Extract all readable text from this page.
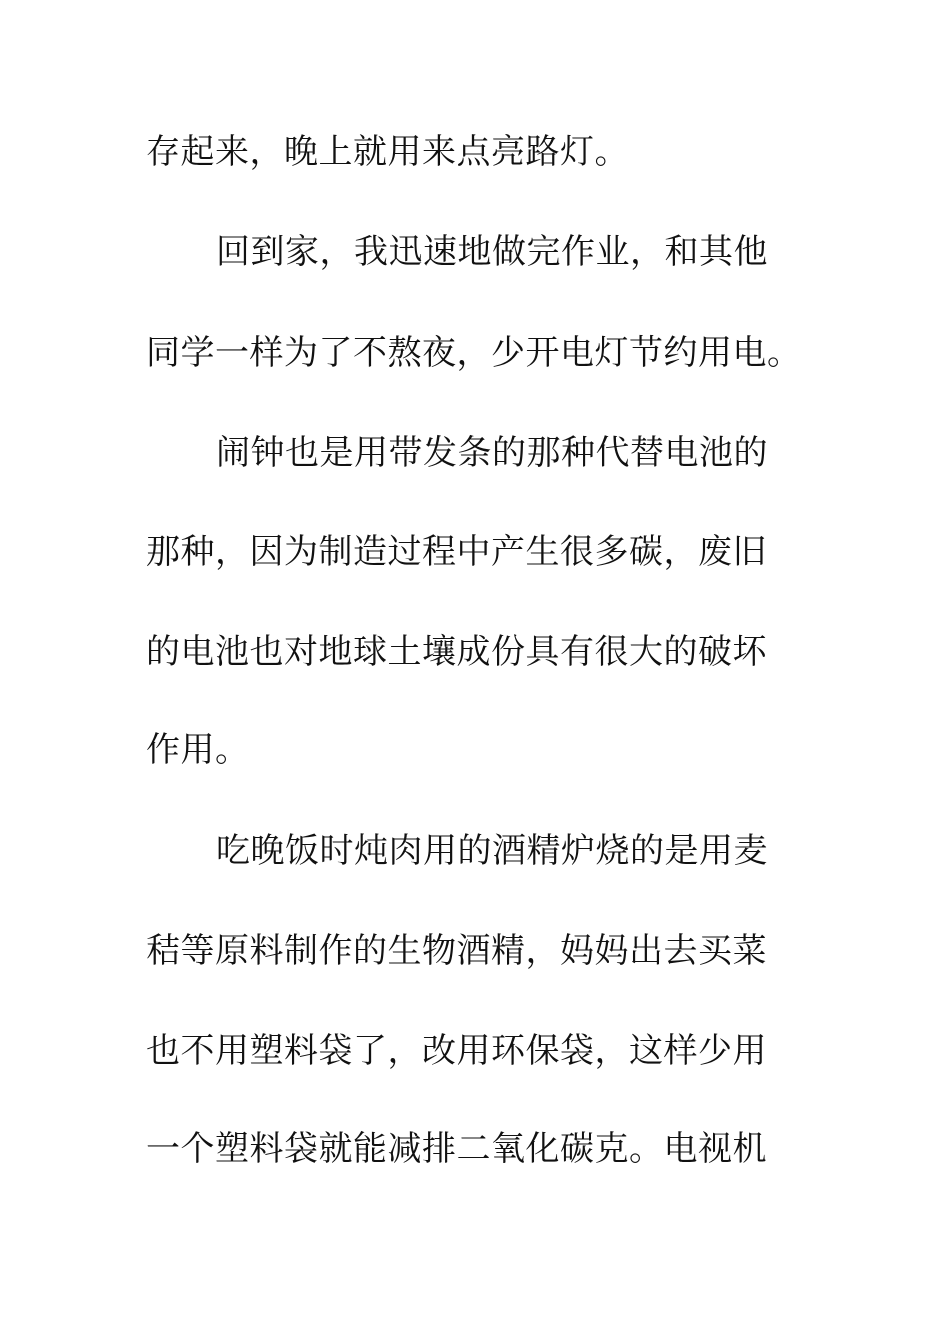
存起来，晚上就用来点亮路灯。
回到家，我迅速地做完作业，和其他
同学一样为了不熬夜，少开电灯节约用电。
闹钟也是用带发条的那种代替电池的
那种，因为制造过程中产生很多碳，废旧
的电池也对地球土壤成份具有很大的破坏
作用。
吃晚饭时炖肉用的酒精炉烧的是用麦
秸等原料制作的生物酒精，妈妈出去买菜
也不用塑料袋了，改用环保袋，这样少用
一个塑料袋就能减排二氧化碳克。电视机
